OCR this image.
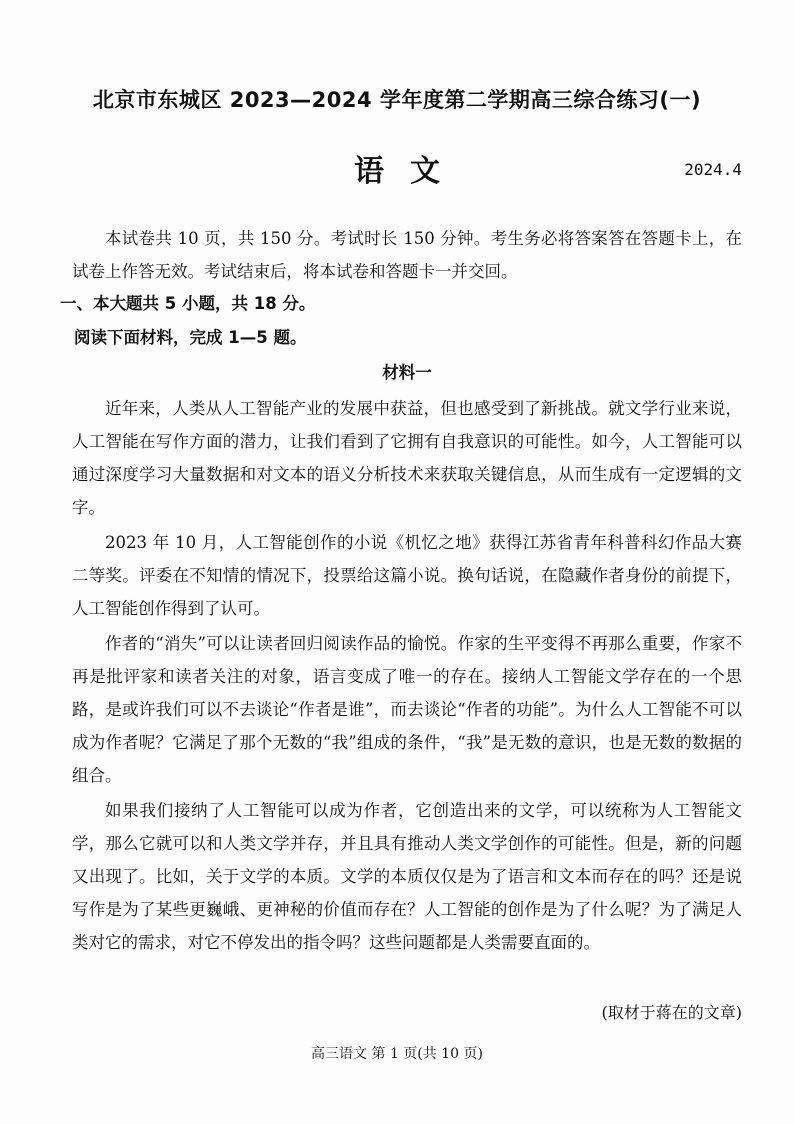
北京市东城区 2023—2024 学年度第二学期高三综合练习(一)
语文	2024.4

本试卷共 10 页，共 150 分。考试时长 150 分钟。考生务必将答案答在答题卡上，在试卷上作答无效。考试结束后，将本试卷和答题卡一并交回。

一、本大题共 5 小题，共 18 分。

阅读下面材料，完成 1—5 题。

材料一

近年来，人类从人工智能产业的发展中获益，但也感受到了新挑战。就文学行业来说，人工智能在写作方面的潜力，让我们看到了它拥有自我意识的可能性。如今，人工智能可以通过深度学习大量数据和对文本的语义分析技术来获取关键信息，从而生成有一定逻辑的文字。

2023 年 10 月，人工智能创作的小说《机忆之地》获得江苏省青年科普科幻作品大赛二等奖。评委在不知情的情况下，投票给这篇小说。换句话说，在隐藏作者身份的前提下，人工智能创作得到了认可。

作者的“消失”可以让读者回归阅读作品的愉悦。作家的生平变得不再那么重要，作家不再是批评家和读者关注的对象，语言变成了唯一的存在。接纳人工智能文学存在的一个思路，是或许我们可以不去谈论“作者是谁”，而去谈论“作者的功能”。为什么人工智能不可以成为作者呢？它满足了那个无数的“我”组成的条件，“我”是无数的意识，也是无数的数据的组合。

如果我们接纳了人工智能可以成为作者，它创造出来的文学，可以统称为人工智能文学，那么它就可以和人类文学并存，并且具有推动人类文学创作的可能性。但是，新的问题又出现了。比如，关于文学的本质。文学的本质仅仅是为了语言和文本而存在的吗？还是说写作是为了某些更巍峨、更神秘的价值而存在？人工智能的创作是为了什么呢？为了满足人类对它的需求，对它不停发出的指令吗？这些问题都是人类需要直面的。

(取材于蒋在的文章)
高三语文 第 1 页(共 10 页)
